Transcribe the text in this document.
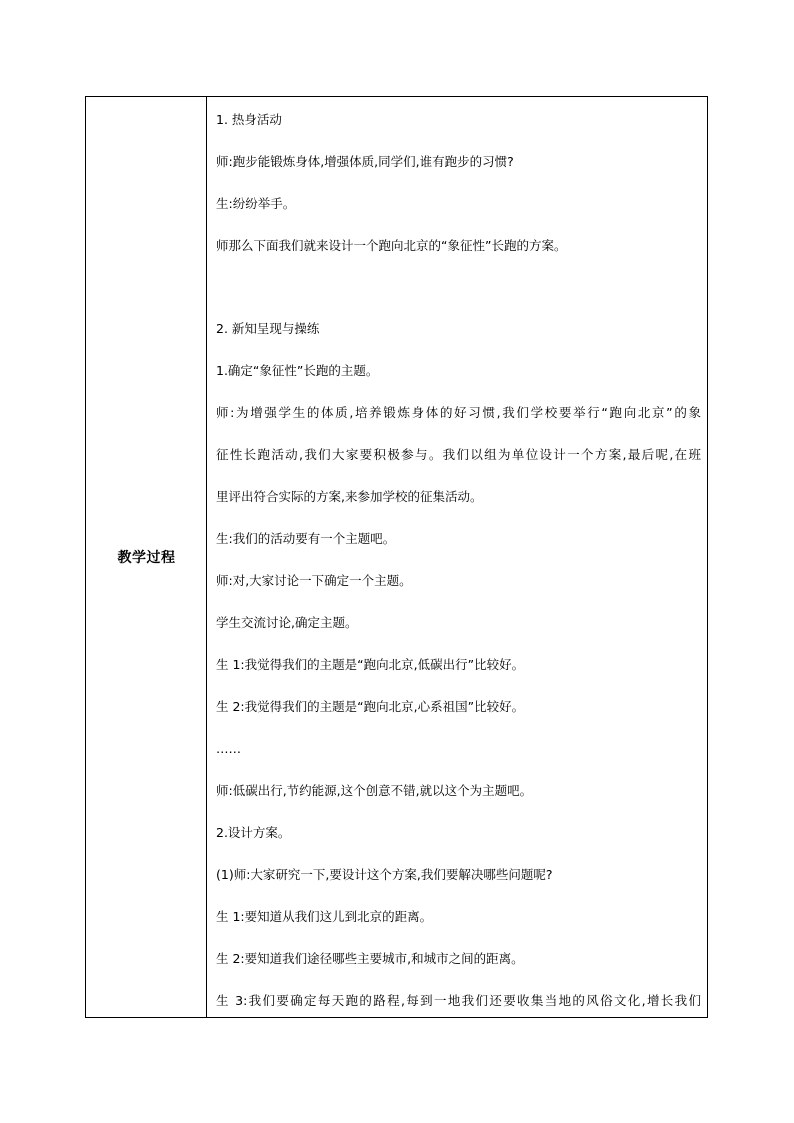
教学过程
1. 热身活动
师:跑步能锻炼身体,增强体质,同学们,谁有跑步的习惯?
生:纷纷举手。
师那么下面我们就来设计一个跑向北京的“象征性”长跑的方案。
2. 新知呈现与操练
1.确定“象征性”长跑的主题。
师:为增强学生的体质,培养锻炼身体的好习惯,我们学校要举行“跑向北京”的象
征性长跑活动,我们大家要积极参与。我们以组为单位设计一个方案,最后呢,在班
里评出符合实际的方案,来参加学校的征集活动。
生:我们的活动要有一个主题吧。
师:对,大家讨论一下确定一个主题。
学生交流讨论,确定主题。
生 1:我觉得我们的主题是“跑向北京,低碳出行”比较好。
生 2:我觉得我们的主题是“跑向北京,心系祖国”比较好。
……
师:低碳出行,节约能源,这个创意不错,就以这个为主题吧。
2.设计方案。
(1)师:大家研究一下,要设计这个方案,我们要解决哪些问题呢?
生 1:要知道从我们这儿到北京的距离。
生 2:要知道我们途径哪些主要城市,和城市之间的距离。
生 3:我们要确定每天跑的路程,每到一地我们还要收集当地的风俗文化,增长我们
